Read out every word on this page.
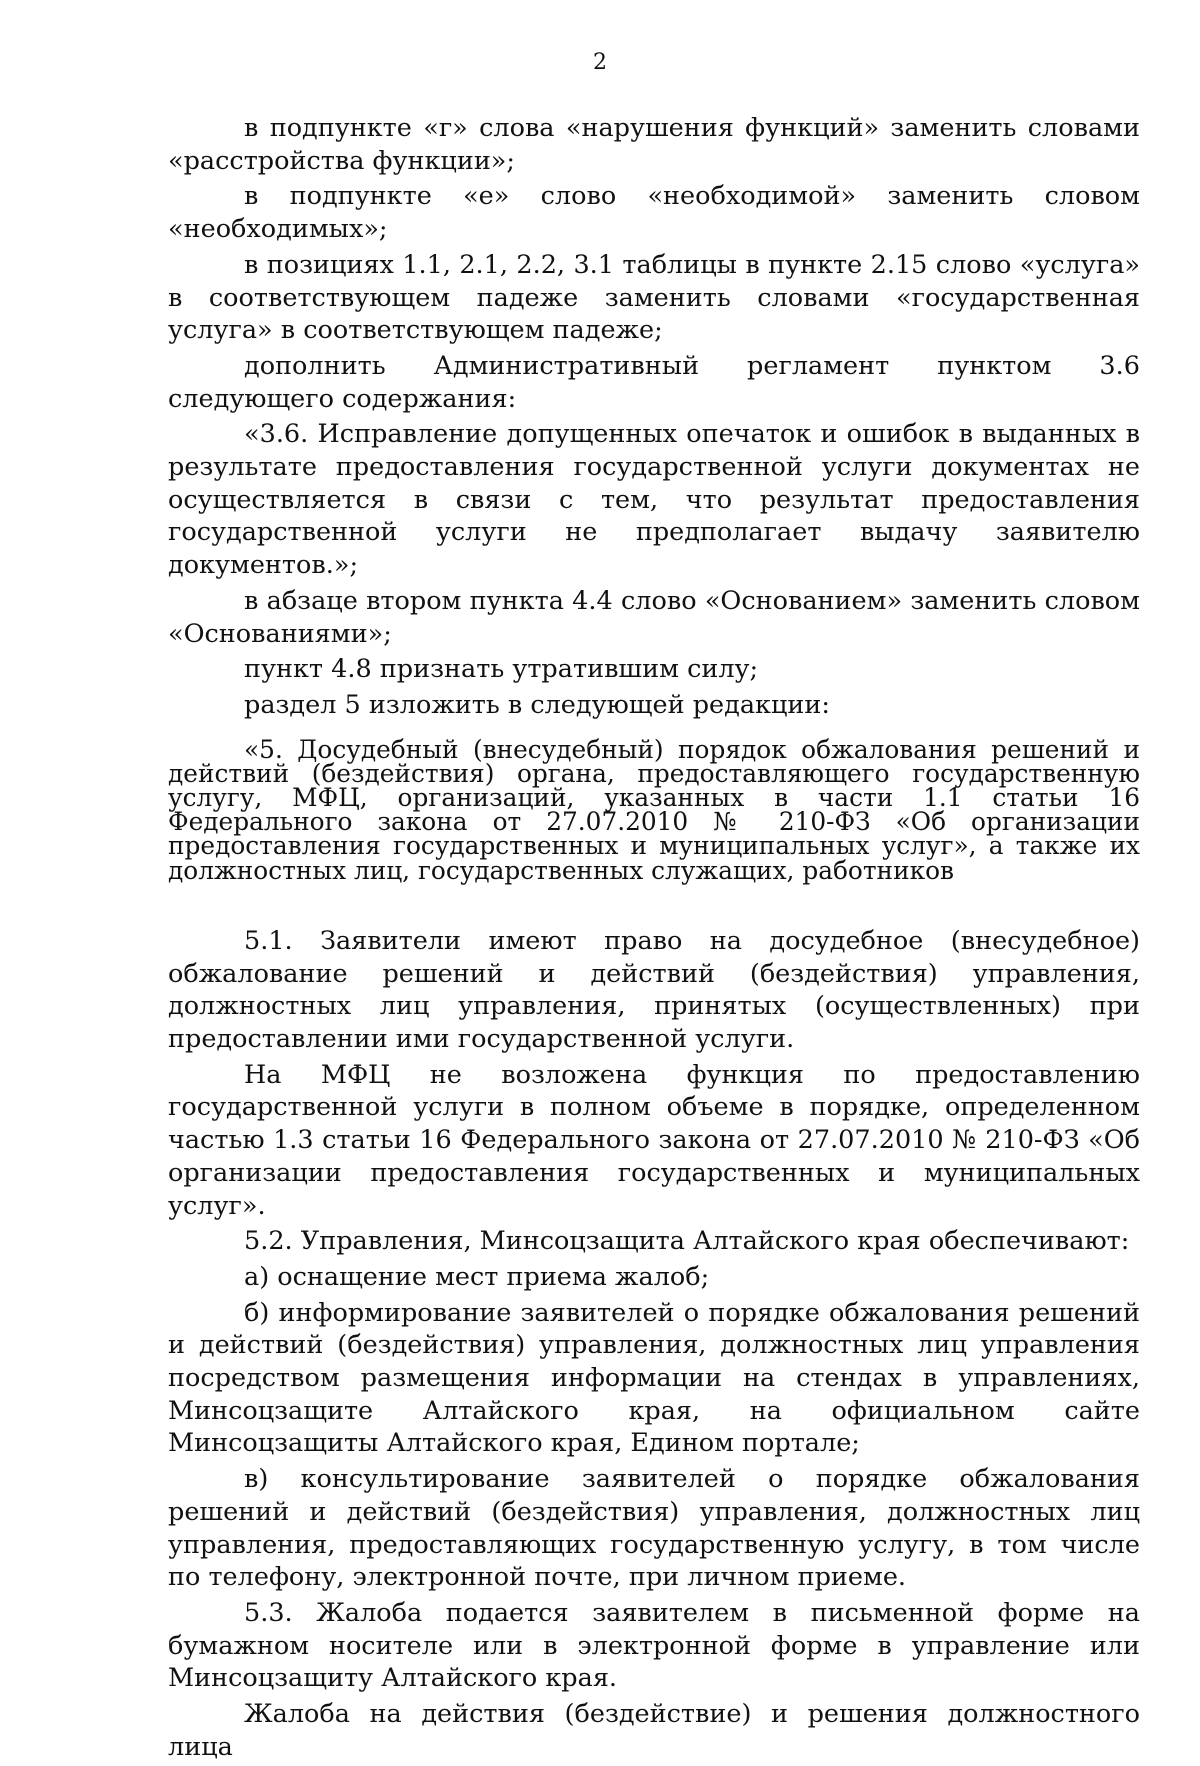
2

в подпункте «г» слова «нарушения функций» заменить словами «расстройства функции»;

в подпункте «е» слово «необходимой» заменить словом «необходимых»;

в позициях 1.1, 2.1, 2.2, 3.1 таблицы в пункте 2.15 слово «услуга» в соответствующем падеже заменить словами «государственная услуга» в соответствующем падеже;

дополнить Административный регламент пунктом 3.6 следующего содержания:

«3.6. Исправление допущенных опечаток и ошибок в выданных в результате предоставления государственной услуги документах не осуществляется в связи с тем, что результат предоставления государственной услуги не предполагает выдачу заявителю документов.»;

в абзаце втором пункта 4.4 слово «Основанием» заменить словом «Основаниями»;

пункт 4.8 признать утратившим силу;

раздел 5 изложить в следующей редакции:

«5. Досудебный (внесудебный) порядок обжалования решений и действий (бездействия) органа, предоставляющего государственную услугу, МФЦ, организаций, указанных в части 1.1 статьи 16 Федерального закона от 27.07.2010 № 210-ФЗ «Об организации предоставления государственных и муниципальных услуг», а также их должностных лиц, государственных служащих, работников

5.1. Заявители имеют право на досудебное (внесудебное) обжалование решений и действий (бездействия) управления, должностных лиц управления, принятых (осуществленных) при предоставлении ими государственной услуги.

На МФЦ не возложена функция по предоставлению государственной услуги в полном объеме в порядке, определенном частью 1.3 статьи 16 Федерального закона от 27.07.2010 № 210-ФЗ «Об организации предоставления государственных и муниципальных услуг».

5.2. Управления, Минсоцзащита Алтайского края обеспечивают:

а) оснащение мест приема жалоб;

б) информирование заявителей о порядке обжалования решений и действий (бездействия) управления, должностных лиц управления посредством размещения информации на стендах в управлениях, Минсоцзащите Алтайского края, на официальном сайте Минсоцзащиты Алтайского края, Едином портале;

в) консультирование заявителей о порядке обжалования решений и действий (бездействия) управления, должностных лиц управления, предоставляющих государственную услугу, в том числе по телефону, электронной почте, при личном приеме.

5.3. Жалоба подается заявителем в письменной форме на бумажном носителе или в электронной форме в управление или Минсоцзащиту Алтайского края.

Жалоба на действия (бездействие) и решения должностного лица
